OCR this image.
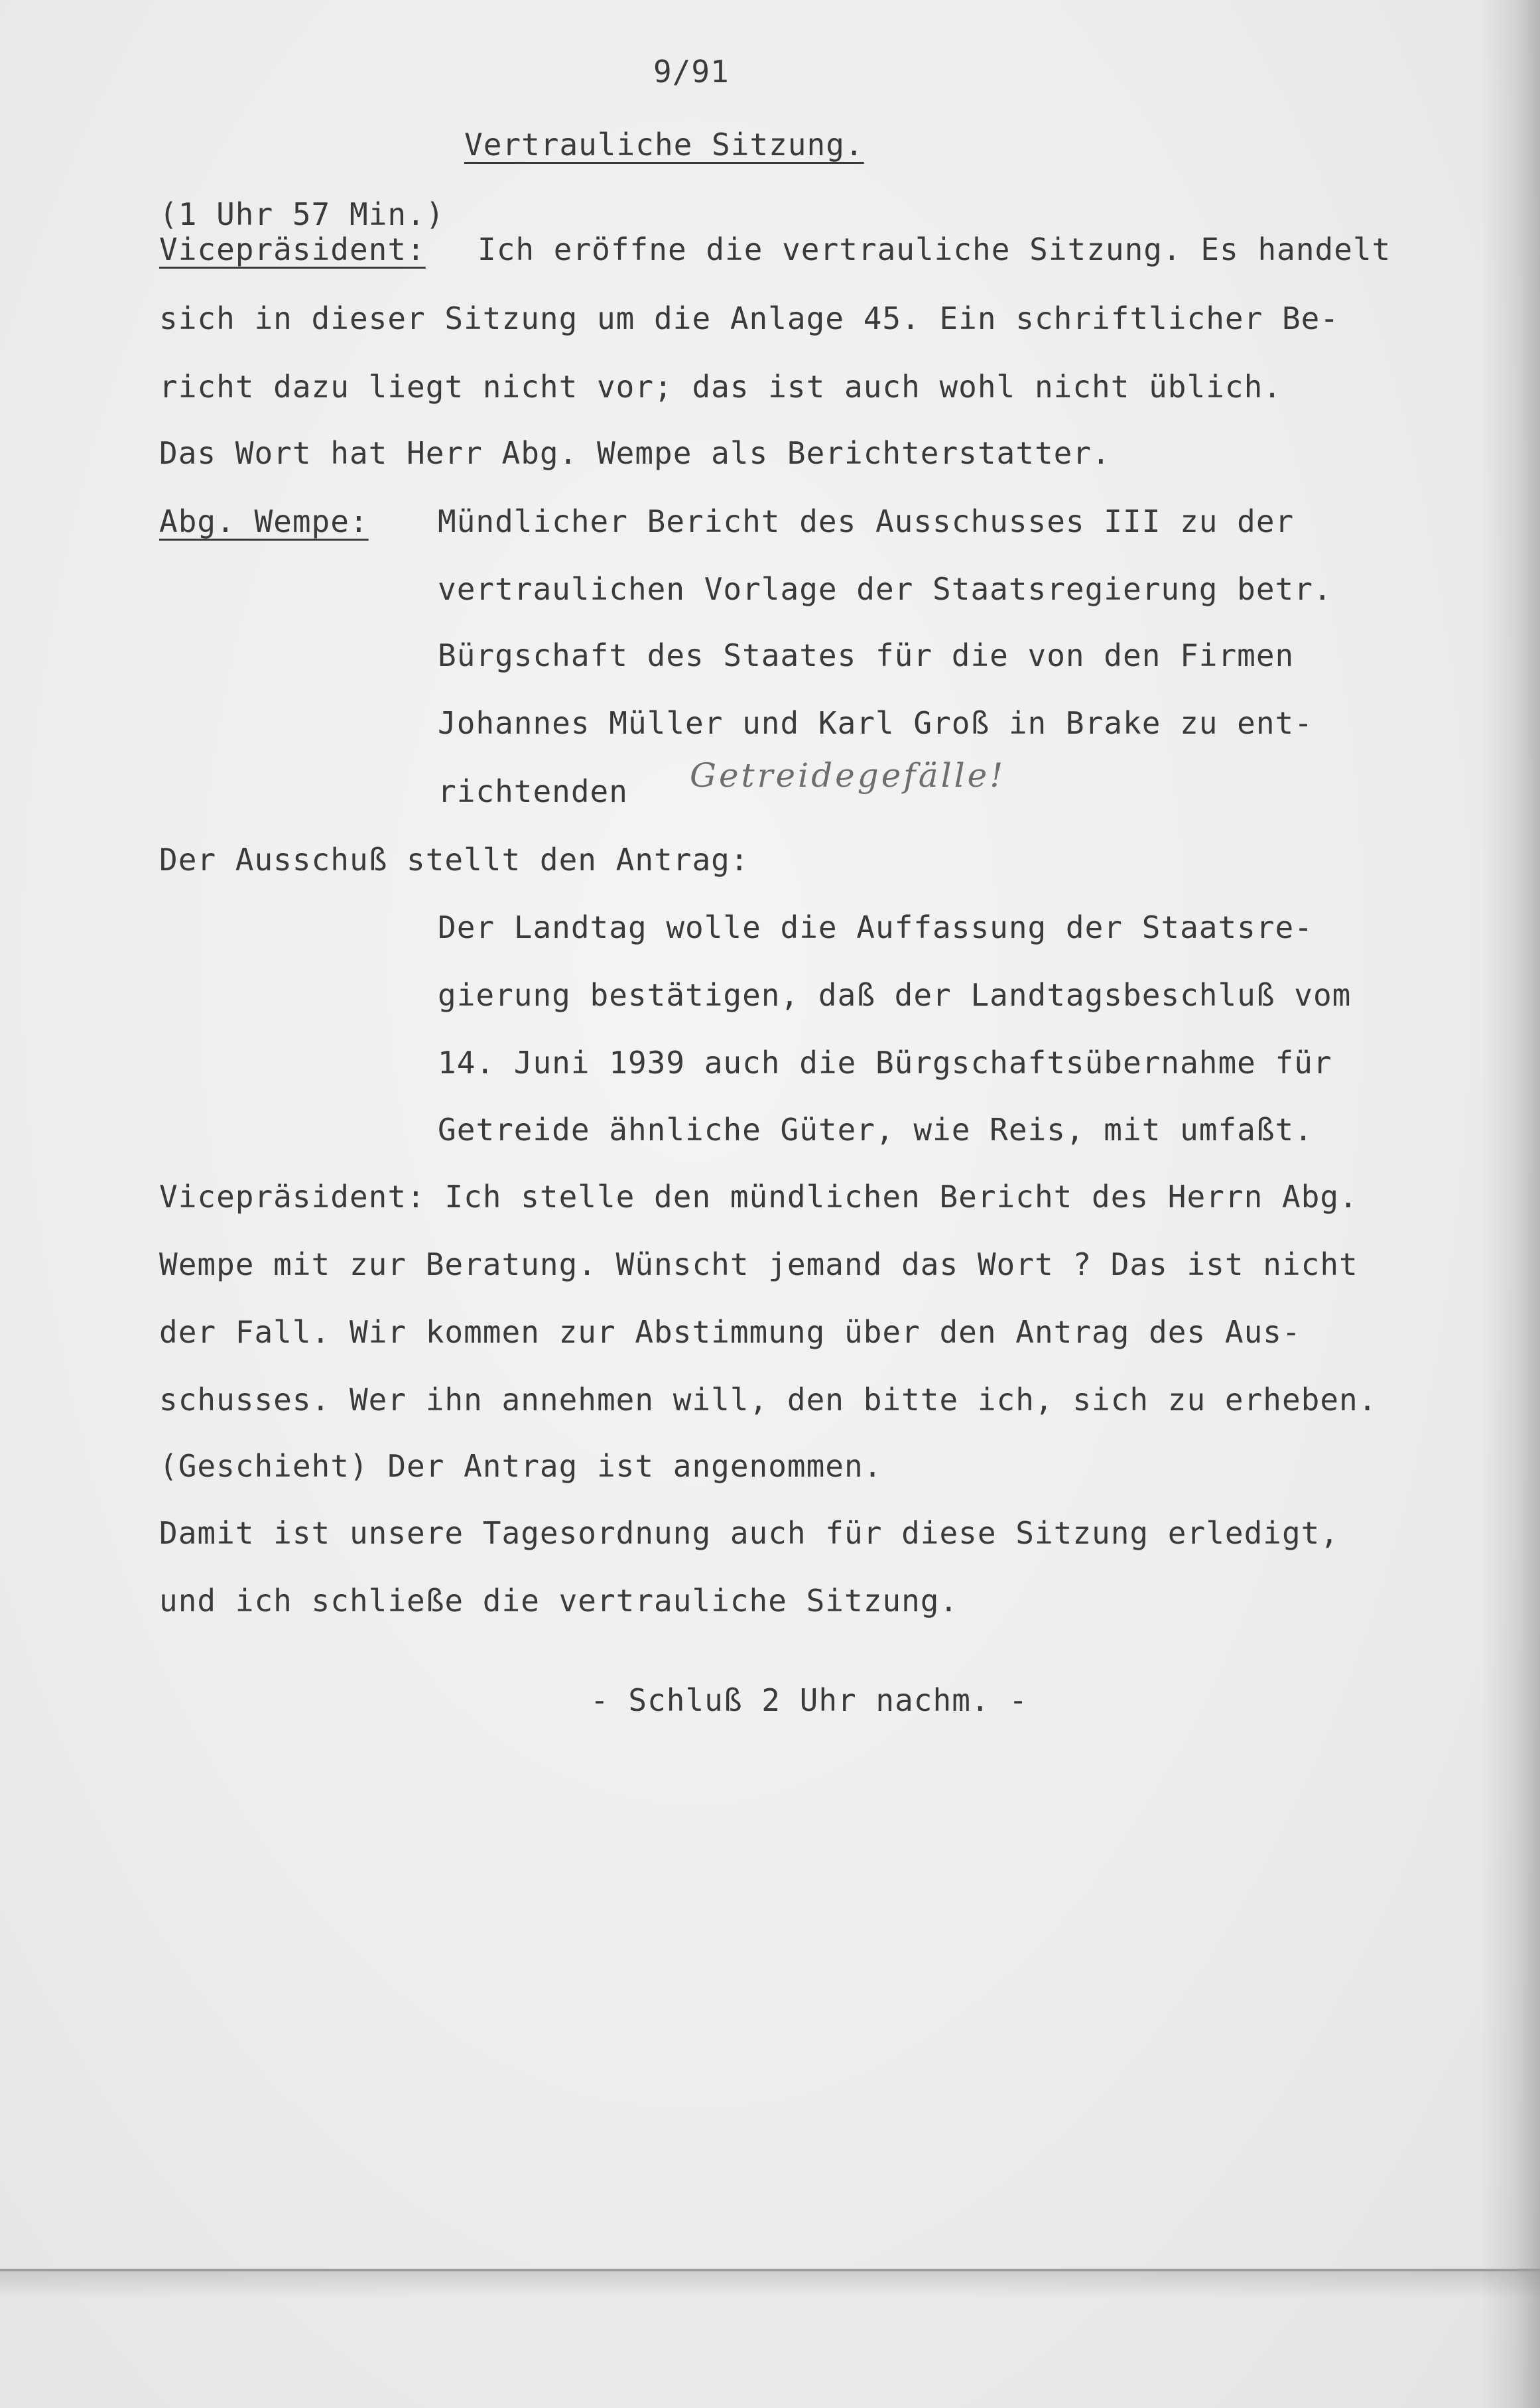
9/91
Vertrauliche Sitzung.
(1 Uhr 57 Min.)
Vicepräsident: Ich eröffne die vertrauliche Sitzung. Es handelt
sich in dieser Sitzung um die Anlage 45. Ein schriftlicher Be-
richt dazu liegt nicht vor; das ist auch wohl nicht üblich.
Das Wort hat Herr Abg. Wempe als Berichterstatter.
Abg. Wempe: Mündlicher Bericht des Ausschusses III zu der
vertraulichen Vorlage der Staatsregierung betr.
Bürgschaft des Staates für die von den Firmen
Johannes Müller und Karl Groß in Brake zu ent-
richtenden Getreidegefälle!
Der Ausschuß stellt den Antrag:
Der Landtag wolle die Auffassung der Staatsre-
gierung bestätigen, daß der Landtagsbeschluß vom
14. Juni 1939 auch die Bürgschaftsübernahme für
Getreide ähnliche Güter, wie Reis, mit umfaßt.
Vicepräsident: Ich stelle den mündlichen Bericht des Herrn Abg.
Wempe mit zur Beratung. Wünscht jemand das Wort ? Das ist nicht
der Fall. Wir kommen zur Abstimmung über den Antrag des Aus-
schusses. Wer ihn annehmen will, den bitte ich, sich zu erheben.
(Geschieht) Der Antrag ist angenommen.
Damit ist unsere Tagesordnung auch für diese Sitzung erledigt,
und ich schließe die vertrauliche Sitzung.
- Schluß 2 Uhr nachm. -
